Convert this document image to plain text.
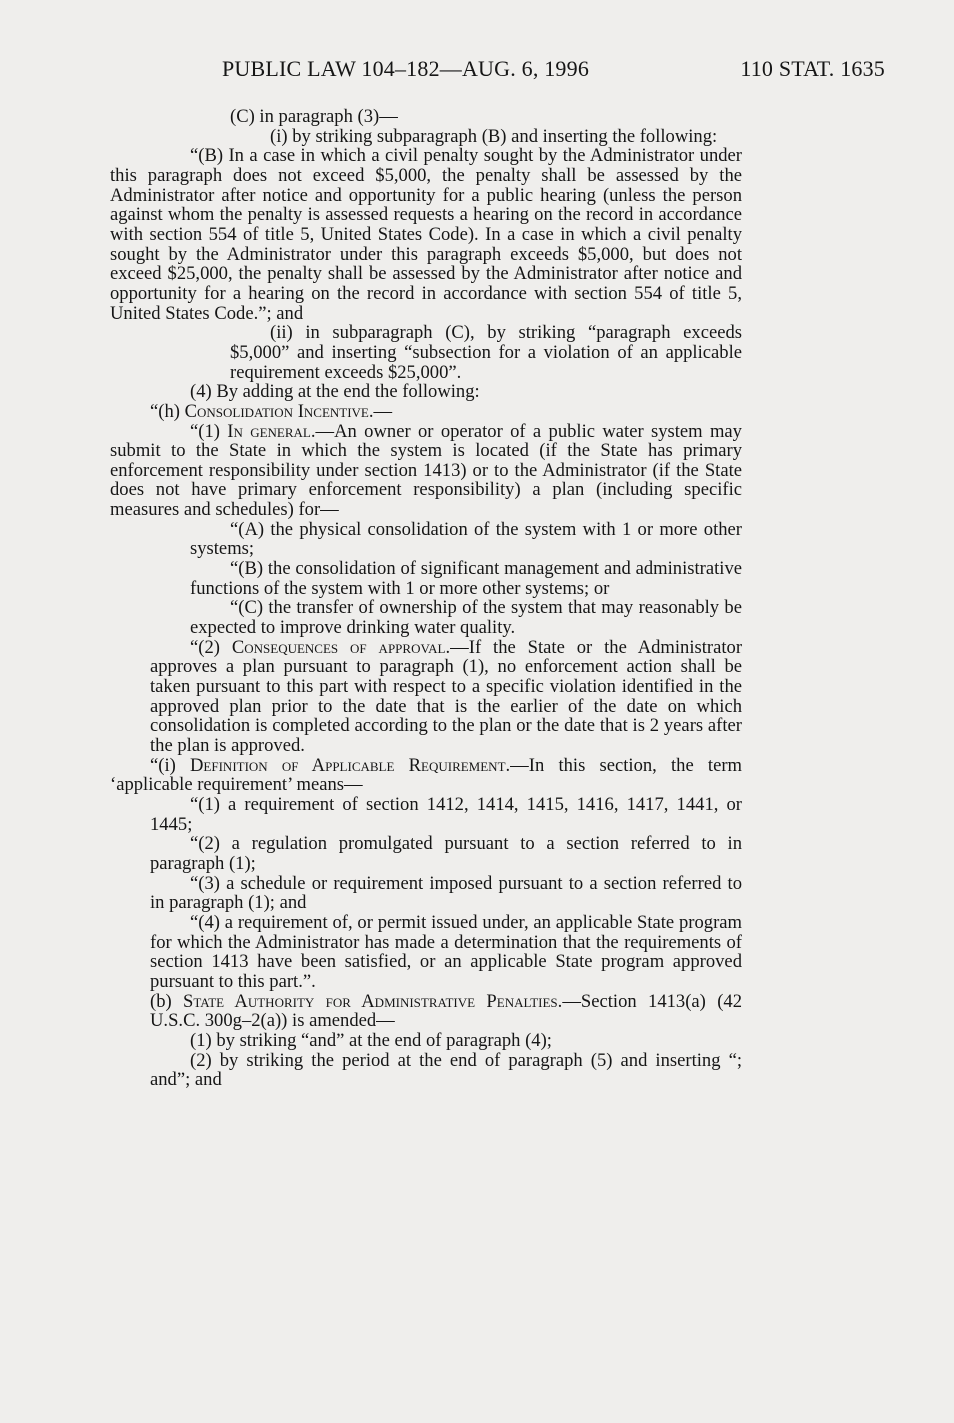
PUBLIC LAW 104–182—AUG. 6, 1996	110 STAT. 1635

(C) in paragraph (3)—

(i) by striking subparagraph (B) and inserting the following:

“(B) In a case in which a civil penalty sought by the Administrator under this paragraph does not exceed $5,000, the penalty shall be assessed by the Administrator after notice and opportunity for a public hearing (unless the person against whom the penalty is assessed requests a hearing on the record in accordance with section 554 of title 5, United States Code). In a case in which a civil penalty sought by the Administrator under this paragraph exceeds $5,000, but does not exceed $25,000, the penalty shall be assessed by the Administrator after notice and opportunity for a hearing on the record in accordance with section 554 of title 5, United States Code.”; and

(ii) in subparagraph (C), by striking “paragraph exceeds $5,000” and inserting “subsection for a violation of an applicable requirement exceeds $25,000”.

(4) By adding at the end the following:

“(h) Consolidation Incentive.—

“(1) In general.—An owner or operator of a public water system may submit to the State in which the system is located (if the State has primary enforcement responsibility under section 1413) or to the Administrator (if the State does not have primary enforcement responsibility) a plan (including specific measures and schedules) for—

“(A) the physical consolidation of the system with 1 or more other systems;

“(B) the consolidation of significant management and administrative functions of the system with 1 or more other systems; or

“(C) the transfer of ownership of the system that may reasonably be expected to improve drinking water quality.

“(2) Consequences of approval.—If the State or the Administrator approves a plan pursuant to paragraph (1), no enforcement action shall be taken pursuant to this part with respect to a specific violation identified in the approved plan prior to the date that is the earlier of the date on which consolidation is completed according to the plan or the date that is 2 years after the plan is approved.

“(i) Definition of Applicable Requirement.—In this section, the term ‘applicable requirement’ means—

“(1) a requirement of section 1412, 1414, 1415, 1416, 1417, 1441, or 1445;

“(2) a regulation promulgated pursuant to a section referred to in paragraph (1);

“(3) a schedule or requirement imposed pursuant to a section referred to in paragraph (1); and

“(4) a requirement of, or permit issued under, an applicable State program for which the Administrator has made a determination that the requirements of section 1413 have been satisfied, or an applicable State program approved pursuant to this part.”.

(b) State Authority for Administrative Penalties.—Section 1413(a) (42 U.S.C. 300g–2(a)) is amended—

(1) by striking “and” at the end of paragraph (4);

(2) by striking the period at the end of paragraph (5) and inserting “; and”; and
